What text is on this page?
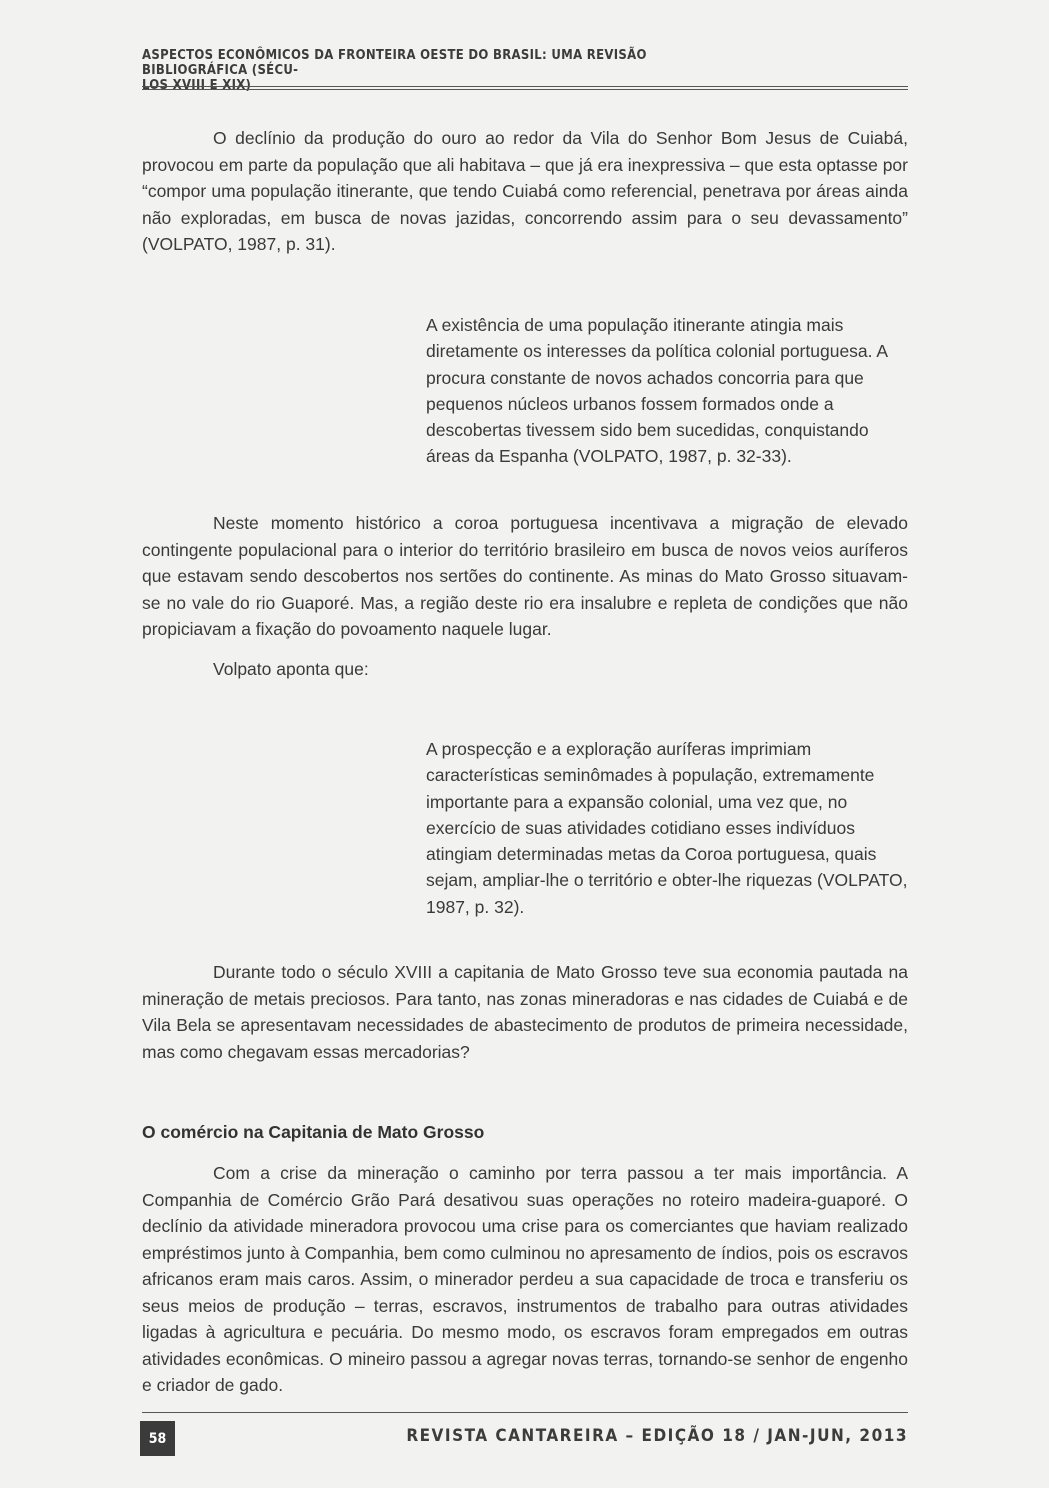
ASPECTOS ECONÔMICOS DA FRONTEIRA OESTE DO BRASIL: UMA REVISÃO BIBLIOGRÁFICA (SÉCU-
LOS XVIII E XIX)

O declínio da produção do ouro ao redor da Vila do Senhor Bom Jesus de Cuiabá, provocou em parte da população que ali habitava – que já era inexpressiva – que esta optasse por “compor uma população itinerante, que tendo Cuiabá como referencial, penetrava por áreas ainda não exploradas, em busca de novas jazidas, concorrendo assim para o seu devassamento” (VOLPATO, 1987, p. 31).

A existência de uma população itinerante atingia mais diretamente os interesses da política colonial portuguesa. A procura constante de novos achados concorria para que pequenos núcleos urbanos fossem formados onde a descobertas tivessem sido bem sucedidas, conquistando áreas da Espanha (VOLPATO, 1987, p. 32-33).

Neste momento histórico a coroa portuguesa incentivava a migração de elevado contingente populacional para o interior do território brasileiro em busca de novos veios auríferos que estavam sendo descobertos nos sertões do continente. As minas do Mato Grosso situavam-se no vale do rio Guaporé. Mas, a região deste rio era insalubre e repleta de condições que não propiciavam a fixação do povoamento naquele lugar.

Volpato aponta que:

A prospecção e a exploração auríferas imprimiam características seminômades à população, extremamente importante para a expansão colonial, uma vez que, no exercício de suas atividades cotidiano esses indivíduos atingiam determinadas metas da Coroa portuguesa, quais sejam, ampliar-lhe o território e obter-lhe riquezas (VOLPATO, 1987, p. 32).

Durante todo o século XVIII a capitania de Mato Grosso teve sua economia pautada na mineração de metais preciosos. Para tanto, nas zonas mineradoras e nas cidades de Cuiabá e de Vila Bela se apresentavam necessidades de abastecimento de produtos de primeira necessidade, mas como chegavam essas mercadorias?

O comércio na Capitania de Mato Grosso

Com a crise da mineração o caminho por terra passou a ter mais importância. A Companhia de Comércio Grão Pará desativou suas operações no roteiro madeira-guaporé. O declínio da atividade mineradora provocou uma crise para os comerciantes que haviam realizado empréstimos junto à Companhia, bem como culminou no apresamento de índios, pois os escravos africanos eram mais caros. Assim, o minerador perdeu a sua capacidade de troca e transferiu os seus meios de produção – terras, escravos, instrumentos de trabalho para outras atividades ligadas à agricultura e pecuária. Do mesmo modo, os escravos foram empregados em outras atividades econômicas. O mineiro passou a agregar novas terras, tornando-se senhor de engenho e criador de gado.

58	REVISTA CANTAREIRA – EDIÇÃO 18 / JAN-JUN, 2013
